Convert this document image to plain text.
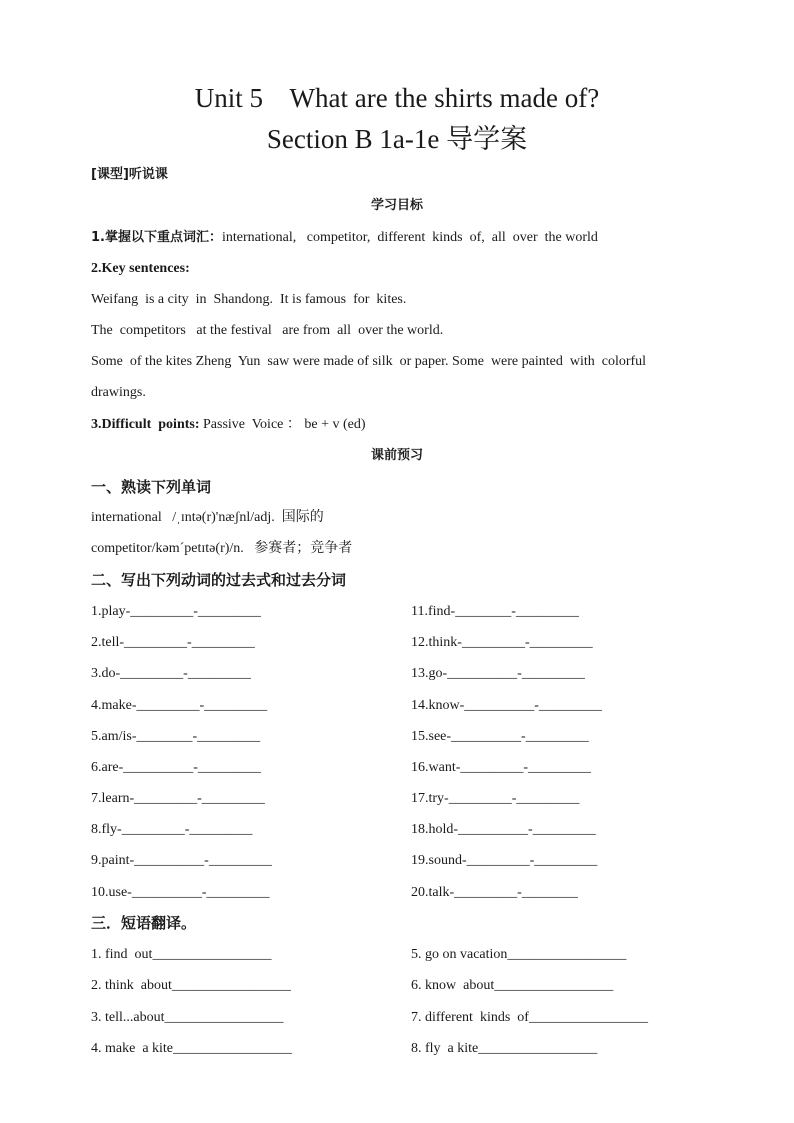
Unit 5    What are the shirts made of?
Section B 1a-1e 导学案
[课型]听说课
学习目标
1.掌握以下重点词汇：international,   competitor,  different  kinds  of,  all  over  the world
2.Key sentences:
Weifang  is a city  in  Shandong.  It is famous  for  kites.
The  competitors   at the festival   are from  all  over the world.
Some  of the kites Zheng  Yun  saw were made of silk  or paper. Some  were painted  with  colorful
drawings.
3.Difficult  points: Passive  Voice ： be + v (ed)
课前预习
一、熟读下列单词
international   /ˌɪntə(r)'næʃnl/adj.  国际的
competitor/kəm´petɪtə(r)/n.   参赛者；竞争者
二、写出下列动词的过去式和过去分词
1.play-_________-_________
2.tell-_________-_________
3.do-_________-_________
4.make-_________-_________
5.am/is-________-_________
6.are-__________-_________
7.learn-_________-_________
8.fly-_________-_________
9.paint-__________-_________
10.use-__________-_________
11.find-________-_________
12.think-_________-_________
13.go-__________-_________
14.know-__________-_________
15.see-__________-_________
16.want-_________-_________
17.try-_________-_________
18.hold-__________-_________
19.sound-_________-_________
20.talk-_________-________
三．短语翻译。
1. find  out_________________
2. think  about_________________
3. tell...about_________________
4. make  a kite_________________
5. go on vacation_________________
6. know  about_________________
7. different  kinds  of_________________
8. fly  a kite_________________
